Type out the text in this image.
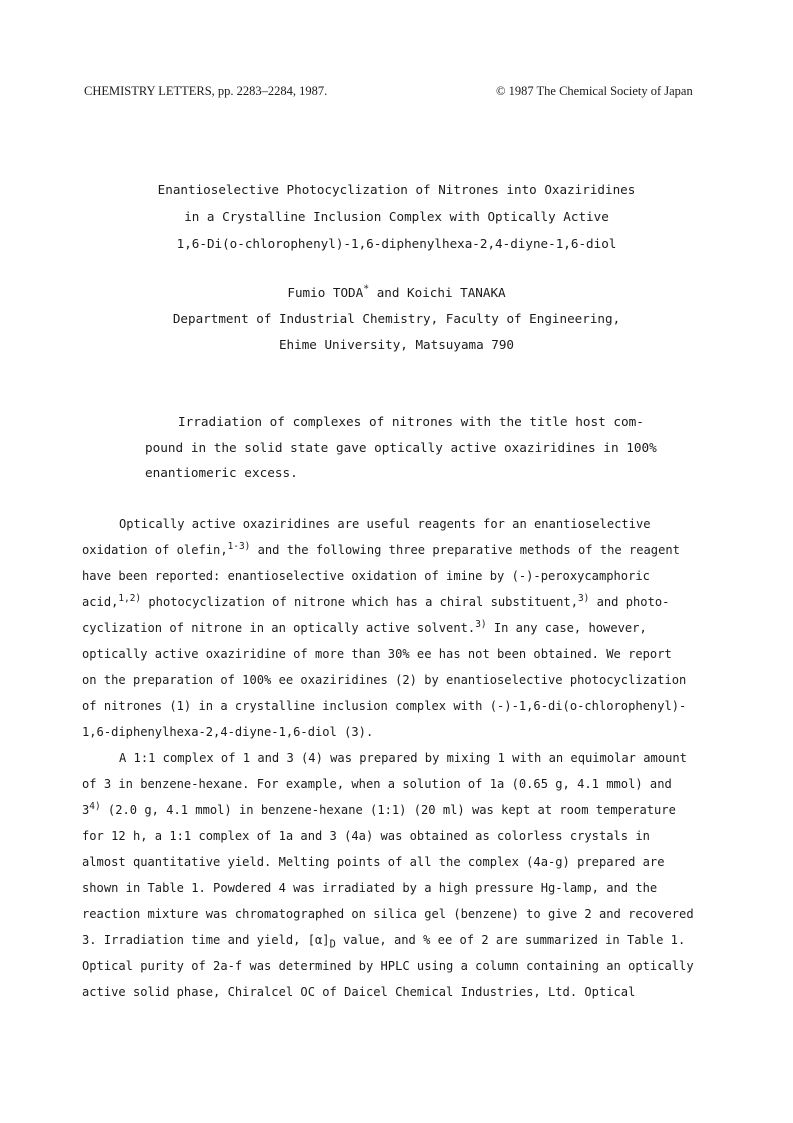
CHEMISTRY LETTERS, pp. 2283–2284, 1987.	© 1987 The Chemical Society of Japan
Enantioselective Photocyclization of Nitrones into Oxaziridines
in a Crystalline Inclusion Complex with Optically Active
1,6-Di(o-chlorophenyl)-1,6-diphenylhexa-2,4-diyne-1,6-diol
Fumio TODA* and Koichi TANAKA
Department of Industrial Chemistry, Faculty of Engineering,
Ehime University, Matsuyama 790
Irradiation of complexes of nitrones with the title host com-
pound in the solid state gave optically active oxaziridines in 100%
enantiomeric excess.
Optically active oxaziridines are useful reagents for an enantioselective
oxidation of olefin,$^{1-3)}$ and the following three preparative methods of the reagent
have been reported: enantioselective oxidation of imine by (-)-peroxycamphoric
acid,$^{1,2)}$ photocyclization of nitrone which has a chiral substituent,$^{3)}$ and photo-
cyclization of nitrone in an optically active solvent.$^{3)}$ In any case, however,
optically active oxaziridine of more than 30% ee has not been obtained. We report
on the preparation of 100% ee oxaziridines (2) by enantioselective photocyclization
of nitrones (1) in a crystalline inclusion complex with (-)-1,6-di(o-chlorophenyl)-
1,6-diphenylhexa-2,4-diyne-1,6-diol (3).
A 1:1 complex of 1 and 3 (4) was prepared by mixing 1 with an equimolar amount
of 3 in benzene-hexane. For example, when a solution of 1a (0.65 g, 4.1 mmol) and
3$^{4)}$ (2.0 g, 4.1 mmol) in benzene-hexane (1:1) (20 ml) was kept at room temperature
for 12 h, a 1:1 complex of 1a and 3 (4a) was obtained as colorless crystals in
almost quantitative yield. Melting points of all the complex (4a-g) prepared are
shown in Table 1. Powdered 4 was irradiated by a high pressure Hg-lamp, and the
reaction mixture was chromatographed on silica gel (benzene) to give 2 and recovered
3. Irradiation time and yield, $[\alpha]_D$ value, and % ee of 2 are summarized in Table 1.
Optical purity of 2a-f was determined by HPLC using a column containing an optically
active solid phase, Chiralcel OC of Daicel Chemical Industries, Ltd. Optical
